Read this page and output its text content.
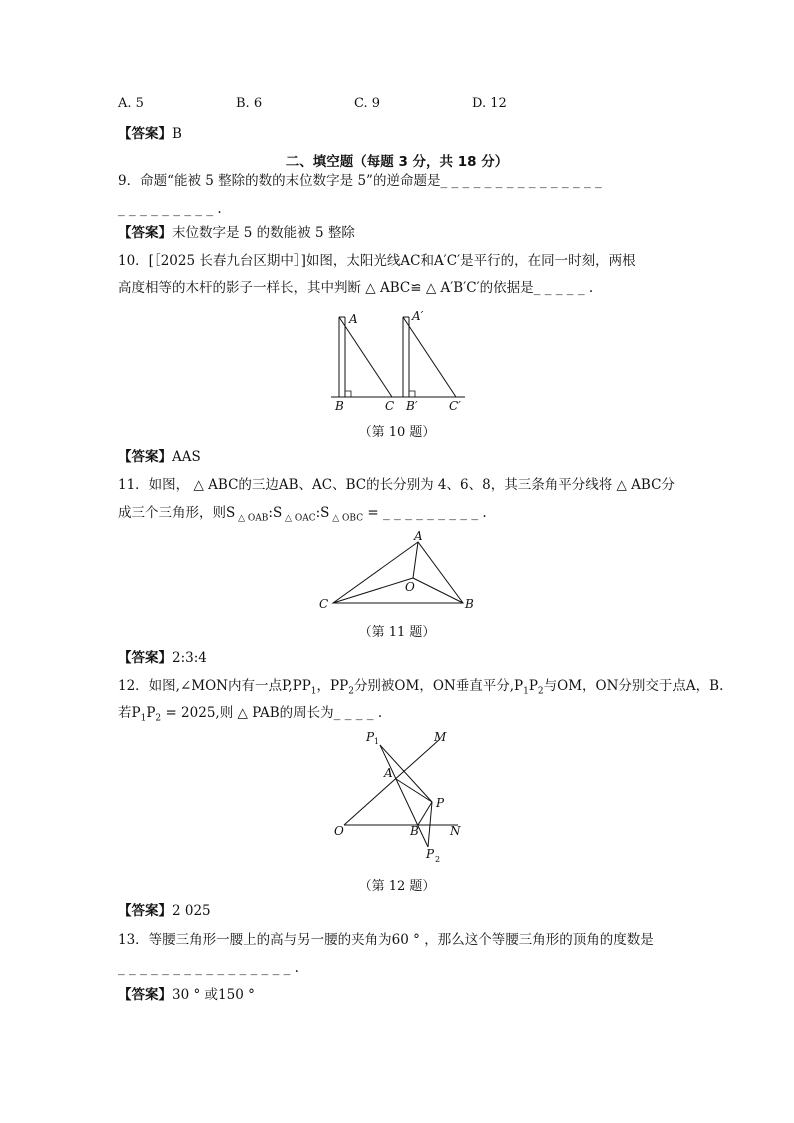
A. 5	B. 6	C. 9	D. 12
【答案】B
二、填空题（每题 3 分，共 18 分）
9．命题“能被 5 整除的数的末位数字是 5”的逆命题是_ _ _ _ _ _ _ _ _ _ _ _ _ _ _
_ _ _ _ _ _ _ _ _ .
【答案】末位数字是 5 的数能被 5 整除
10．[［2025 长春九台区期中］]如图，太阳光线AC和A′C′是平行的，在同一时刻，两根
高度相等的木杆的影子一样长，其中判断 △ ABC≌ △ A′B′C′的依据是_ _ _ _ _ .
A
B	C
A′
B′	C′
（第 10 题）
【答案】AAS
11．如图， △ ABC的三边AB、AC、BC的长分别为 4、6、8，其三条角平分线将 △ ABC分
成三个三角形，则S $_{\triangle OAB}$:S $_{\triangle OAC}$:S $_{\triangle OBC}$ = _ _ _ _ _ _ _ _ _ .
A
C	B
O
（第 11 题）
【答案】2:3:4
12．如图,∠MON内有一点$P,PP_1$，$PP_2$分别被OM，ON垂直平分$,P_1P_2$与OM，ON分别交于点A，B.
若$P_1P_2 = 2025$,则 △ PAB的周长为_ _ _ _ .
P 1	M
A
P
O	B	N
P 2
（第 12 题）
【答案】2 025
13．等腰三角形一腰上的高与另一腰的夹角为60 ° ，那么这个等腰三角形的顶角的度数是
_ _ _ _ _ _ _ _ _ _ _ _ _ _ _ _ .
【答案】30 ° 或150 °
